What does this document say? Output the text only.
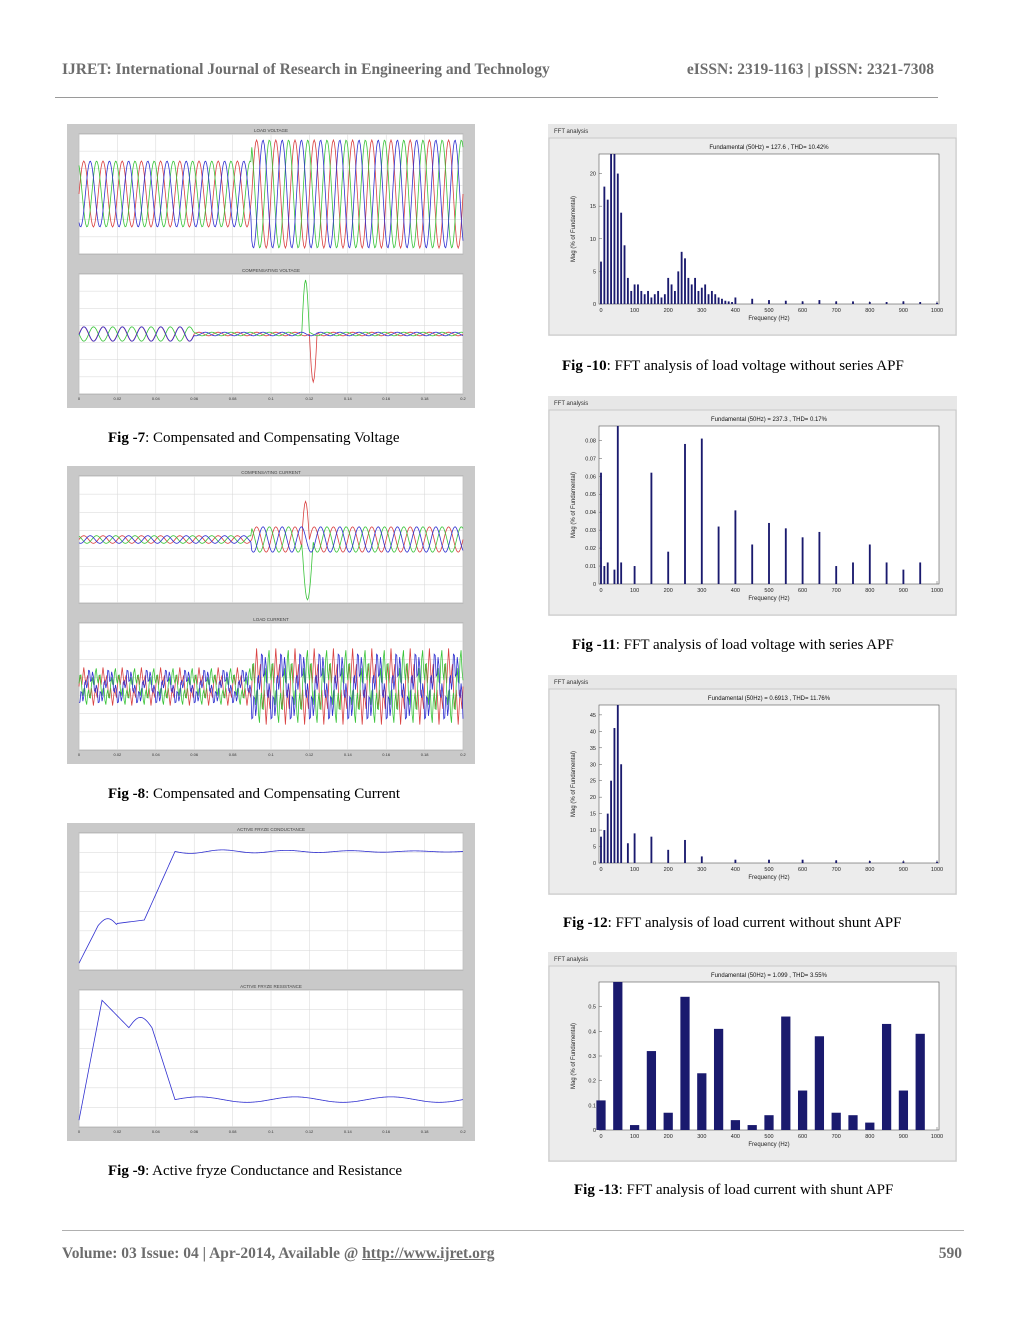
IJRET: International Journal of Research in Engineering and Technology	eISSN: 2319-1163 | pISSN: 2321-7308
LOAD VOLTAGE
COMPENSATING VOLTAGE
0	0.02	0.04	0.06	0.08	0.1	0.12	0.14	0.16	0.18	0.2
Fig -7: Compensated and Compensating Voltage
COMPENSATING CURRENT
LOAD CURRENT
0	0.02	0.04	0.06	0.08	0.1	0.12	0.14	0.16	0.18	0.2
Fig -8: Compensated and Compensating Current
ACTIVE FRYZE CONDUCTANCE
ACTIVE FRYZE RESISTANCE
0	0.02	0.04	0.06	0.08	0.1	0.12	0.14	0.16	0.18	0.2
Fig -9: Active fryze Conductance and Resistance
FFT analysis
Fundamental (50Hz) = 127.6 , THD= 10.42%
0
5
10
15
20
0	100	200	300	400	500	600	700	800	900	1000
Frequency (Hz)
Mag (% of Fundamental)
Fig -10: FFT analysis of load voltage without series APF
FFT analysis
Fundamental (50Hz) = 237.3 , THD= 0.17%
0
0.01
0.02
0.03
0.04
0.05
0.06
0.07
0.08
0	100	200	300	400	500	600	700	800	900	1000
Frequency (Hz)
Mag (% of Fundamental)
Fig -11: FFT analysis of load voltage with series APF
FFT analysis
Fundamental (50Hz) = 0.6913 , THD= 11.76%
0
5
10
15
20
25
30
35
40
45
0	100	200	300	400	500	600	700	800	900	1000
Frequency (Hz)
Mag (% of Fundamental)
Fig -12: FFT analysis of load current without shunt APF
FFT analysis
Fundamental (50Hz) = 1.099 , THD= 3.55%
0
0.1
0.2
0.3
0.4
0.5
0	100	200	300	400	500	600	700	800	900	1000
Frequency (Hz)
Mag (% of Fundamental)
Fig -13: FFT analysis of load current with shunt APF
Volume: 03 Issue: 04 | Apr-2014, Available @ http://www.ijret.org	590
